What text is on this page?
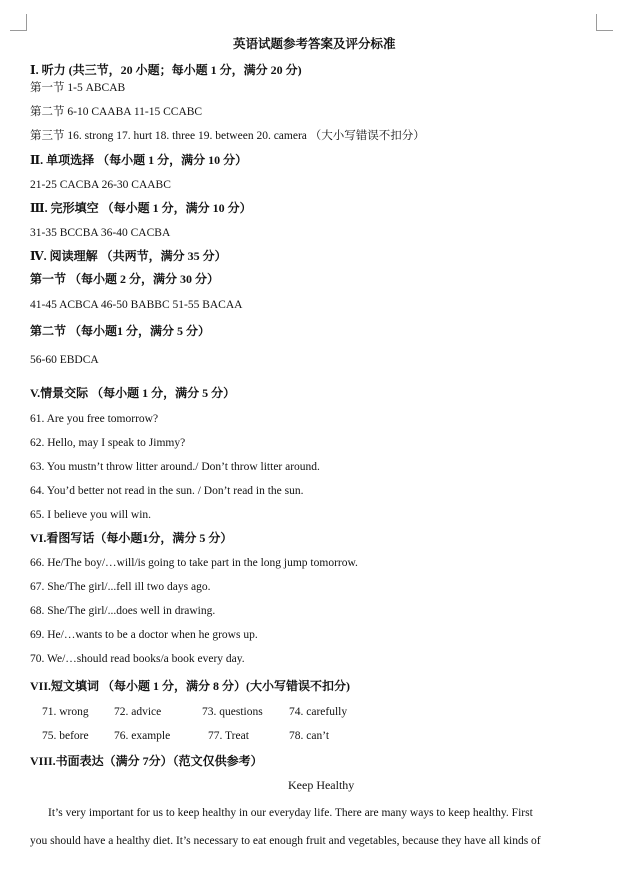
英语试题参考答案及评分标准
Ⅰ. 听力 (共三节，20 小题；每小题 1 分，满分 20 分)
第一节 1-5 ABCAB
第二节 6-10 CAABA 11-15 CCABC
第三节 16. strong 17. hurt 18. three 19. between 20. camera （大小写错误不扣分）
Ⅱ. 单项选择 （每小题 1 分，满分 10 分）
21-25 CACBA 26-30 CAABC
Ⅲ. 完形填空 （每小题 1 分，满分 10 分）
31-35 BCCBA 36-40 CACBA
Ⅳ. 阅读理解 （共两节，满分 35 分）
第一节 （每小题 2 分，满分 30 分）
41-45 ACBCA 46-50 BABBC 51-55 BACAA
第二节 （每小题1 分，满分 5 分）
56-60 EBDCA
V.情景交际 （每小题 1 分，满分 5 分）
61. Are you free tomorrow?
62. Hello, may I speak to Jimmy?
63. You mustn’t throw litter around./ Don’t throw litter around.
64. You’d better not read in the sun. / Don’t read in the sun.
65. I believe you will win.
VI.看图写话（每小题1分，满分 5 分）
66. He/The boy/…will/is going to take part in the long jump tomorrow.
67. She/The girl/...fell ill two days ago.
68. She/The girl/...does well in drawing.
69. He/…wants to be a doctor when he grows up.
70. We/…should read books/a book every day.
VII.短文填词 （每小题 1 分，满分 8 分）(大小写错误不扣分)
71. wrong 72. advice	73. questions 74. carefully
75. before 76. example	77. Treat	78. can’t
VIII.书面表达（满分 7分）（范文仅供参考）
Keep Healthy
It’s very important for us to keep healthy in our everyday life. There are many ways to keep healthy. First
you should have a healthy diet. It’s necessary to eat enough fruit and vegetables, because they have all kinds of
